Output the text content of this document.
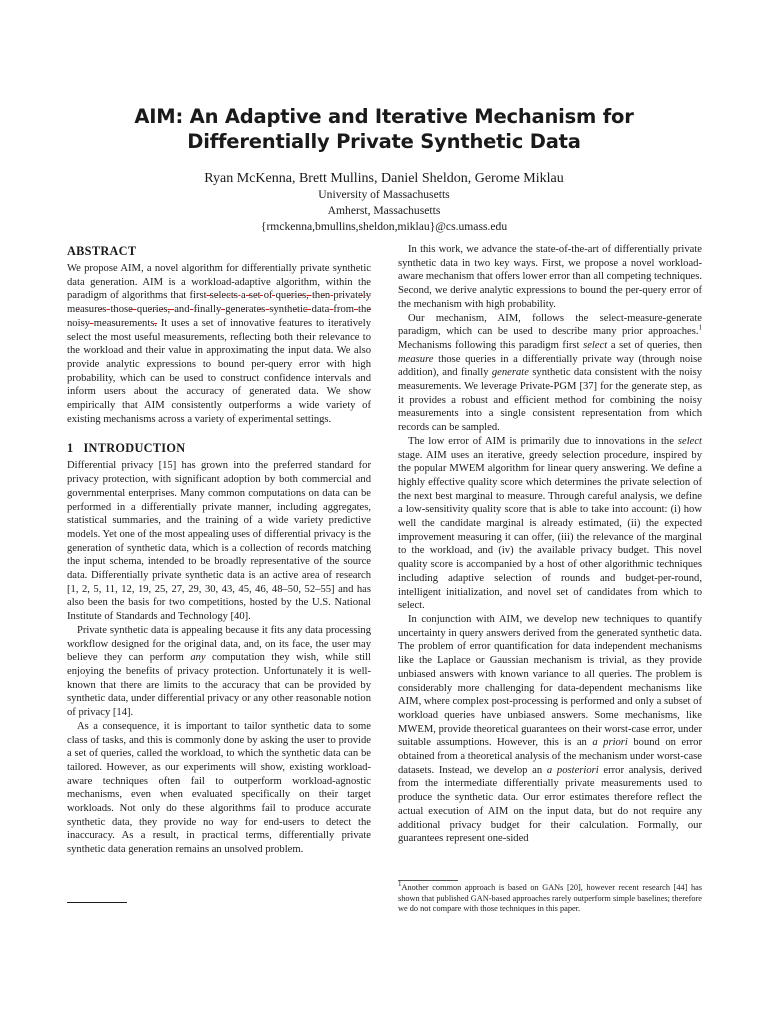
AIM: An Adaptive and Iterative Mechanism for
Differentially Private Synthetic Data
Ryan McKenna, Brett Mullins, Daniel Sheldon, Gerome Miklau
University of Massachusetts
Amherst, Massachusetts
{rmckenna,bmullins,sheldon,miklau}@cs.umass.edu
ABSTRACT

We propose AIM, a novel algorithm for differentially private synthetic data generation. AIM is a workload-adaptive algorithm, within the paradigm of algorithms that first selects a set of queries, then privately measures those queries, and finally generates synthetic data from the noisy measurements. It uses a set of innovative features to iteratively select the most useful measurements, reflecting both their relevance to the workload and their value in approximating the input data. We also provide analytic expressions to bound per-query error with high probability, which can be used to construct confidence intervals and inform users about the accuracy of generated data. We show empirically that AIM consistently outperforms a wide variety of existing mechanisms across a variety of experimental settings.

1 INTRODUCTION

Differential privacy [15] has grown into the preferred standard for privacy protection, with significant adoption by both commercial and governmental enterprises. Many common computations on data can be performed in a differentially private manner, including aggregates, statistical summaries, and the training of a wide variety predictive models. Yet one of the most appealing uses of differential privacy is the generation of synthetic data, which is a collection of records matching the input schema, intended to be broadly representative of the source data. Differentially private synthetic data is an active area of research [1, 2, 5, 11, 12, 19, 25, 27, 29, 30, 43, 45, 46, 48–50, 52–55] and has also been the basis for two competitions, hosted by the U.S. National Institute of Standards and Technology [40].

Private synthetic data is appealing because it fits any data processing workflow designed for the original data, and, on its face, the user may believe they can perform any computation they wish, while still enjoying the benefits of privacy protection. Unfortunately it is well-known that there are limits to the accuracy that can be provided by synthetic data, under differential privacy or any other reasonable notion of privacy [14].

As a consequence, it is important to tailor synthetic data to some class of tasks, and this is commonly done by asking the user to provide a set of queries, called the workload, to which the synthetic data can be tailored. However, as our experiments will show, existing workload-aware techniques often fail to outperform workload-agnostic mechanisms, even when evaluated specifically on their target workloads. Not only do these algorithms fail to produce accurate synthetic data, they provide no way for end-users to detect the inaccuracy. As a result, in practical terms, differentially private synthetic data generation remains an unsolved problem.

In this work, we advance the state-of-the-art of differentially private synthetic data in two key ways. First, we propose a novel workload-aware mechanism that offers lower error than all competing techniques. Second, we derive analytic expressions to bound the per-query error of the mechanism with high probability.

Our mechanism, AIM, follows the select-measure-generate paradigm, which can be used to describe many prior approaches.$^1$ Mechanisms following this paradigm first select a set of queries, then measure those queries in a differentially private way (through noise addition), and finally generate synthetic data consistent with the noisy measurements. We leverage Private-PGM [37] for the generate step, as it provides a robust and efficient method for combining the noisy measurements into a single consistent representation from which records can be sampled.

The low error of AIM is primarily due to innovations in the select stage. AIM uses an iterative, greedy selection procedure, inspired by the popular MWEM algorithm for linear query answering. We define a highly effective quality score which determines the private selection of the next best marginal to measure. Through careful analysis, we define a low-sensitivity quality score that is able to take into account: (i) how well the candidate marginal is already estimated, (ii) the expected improvement measuring it can offer, (iii) the relevance of the marginal to the workload, and (iv) the available privacy budget. This novel quality score is accompanied by a host of other algorithmic techniques including adaptive selection of rounds and budget-per-round, intelligent initialization, and novel set of candidates from which to select.

In conjunction with AIM, we develop new techniques to quantify uncertainty in query answers derived from the generated synthetic data. The problem of error quantification for data independent mechanisms like the Laplace or Gaussian mechanism is trivial, as they provide unbiased answers with known variance to all queries. The problem is considerably more challenging for data-dependent mechanisms like AIM, where complex post-processing is performed and only a subset of workload queries have unbiased answers. Some mechanisms, like MWEM, provide theoretical guarantees on their worst-case error, under suitable assumptions. However, this is an a priori bound on error obtained from a theoretical analysis of the mechanism under worst-case datasets. Instead, we develop an a posteriori error analysis, derived from the intermediate differentially private measurements used to produce the synthetic data. Our error estimates therefore reflect the actual execution of AIM on the input data, but do not require any additional privacy budget for their calculation. Formally, our guarantees represent one-sided

$^1$Another common approach is based on GANs [20], however recent research [44] has shown that published GAN-based approaches rarely outperform simple baselines; therefore we do not compare with those techniques in this paper.
